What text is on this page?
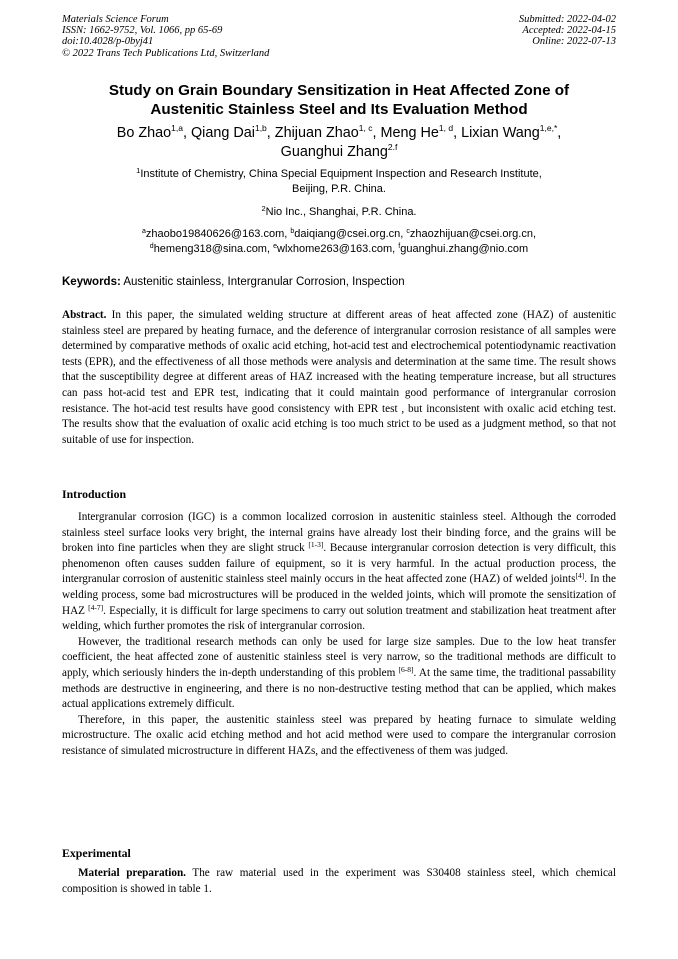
Materials Science Forum
ISSN: 1662-9752, Vol. 1066, pp 65-69
doi:10.4028/p-0byj41
© 2022 Trans Tech Publications Ltd, Switzerland
Submitted: 2022-04-02
Accepted: 2022-04-15
Online: 2022-07-13
Study on Grain Boundary Sensitization in Heat Affected Zone of
Austenitic Stainless Steel and Its Evaluation Method
Bo Zhao$^{1,a}$, Qiang Dai$^{1,b}$, Zhijuan Zhao$^{1, c}$, Meng He$^{1, d}$, Lixian Wang$^{1,e,*}$,
Guanghui Zhang$^{2.f}$
$^1$Institute of Chemistry, China Special Equipment Inspection and Research Institute,
Beijing, P.R. China.
$^2$Nio Inc., Shanghai, P.R. China.
$^a$zhaobo19840626@163.com, $^b$daiqiang@csei.org.cn, $^c$zhaozhijuan@csei.org.cn,
$^d$hemeng318@sina.com, $^e$wlxhome263@163.com, $^f$guanghui.zhang@nio.com
Keywords: Austenitic stainless, Intergranular Corrosion, Inspection
Abstract. In this paper, the simulated welding structure at different areas of heat affected zone (HAZ) of austenitic stainless steel are prepared by heating furnace, and the deference of intergranular corrosion resistance of all samples were determined by comparative methods of oxalic acid etching, hot-acid test and electrochemical potentiodynamic reactivation tests (EPR), and the effectiveness of all those methods were analysis and determination at the same time. The result shows that the susceptibility degree at different areas of HAZ increased with the heating temperature increase, but all structures can pass hot-acid test and EPR test, indicating that it could maintain good performance of intergranular corrosion resistance. The hot-acid test results have good consistency with EPR test , but inconsistent with oxalic acid etching test. The results show that the evaluation of oxalic acid etching is too much strict to be used as a judgment method, so that not suitable of use for inspection.
Introduction

Intergranular corrosion (IGC) is a common localized corrosion in austenitic stainless steel. Although the corroded stainless steel surface looks very bright, the internal grains have already lost their binding force, and the grains will be broken into fine particles when they are slight struck [1-3]. Because intergranular corrosion detection is very difficult, this phenomenon often causes sudden failure of equipment, so it is very harmful. In the actual production process, the intergranular corrosion of austenitic stainless steel mainly occurs in the heat affected zone (HAZ) of welded joints[4]. In the welding process, some bad microstructures will be produced in the welded joints, which will promote the sensitization of HAZ [4-7]. Especially, it is difficult for large specimens to carry out solution treatment and stabilization heat treatment after welding, which further promotes the risk of intergranular corrosion.

However, the traditional research methods can only be used for large size samples. Due to the low heat transfer coefficient, the heat affected zone of austenitic stainless steel is very narrow, so the traditional methods are difficult to apply, which seriously hinders the in-depth understanding of this problem [6-8]. At the same time, the traditional passability methods are destructive in engineering, and there is no non-destructive testing method that can be applied, which makes actual applications extremely difficult.

Therefore, in this paper, the austenitic stainless steel was prepared by heating furnace to simulate welding microstructure. The oxalic acid etching method and hot acid method were used to compare the intergranular corrosion resistance of simulated microstructure in different HAZs, and the effectiveness of them was judged.

Experimental

Material preparation. The raw material used in the experiment was S30408 stainless steel, which chemical composition is showed in table 1.
